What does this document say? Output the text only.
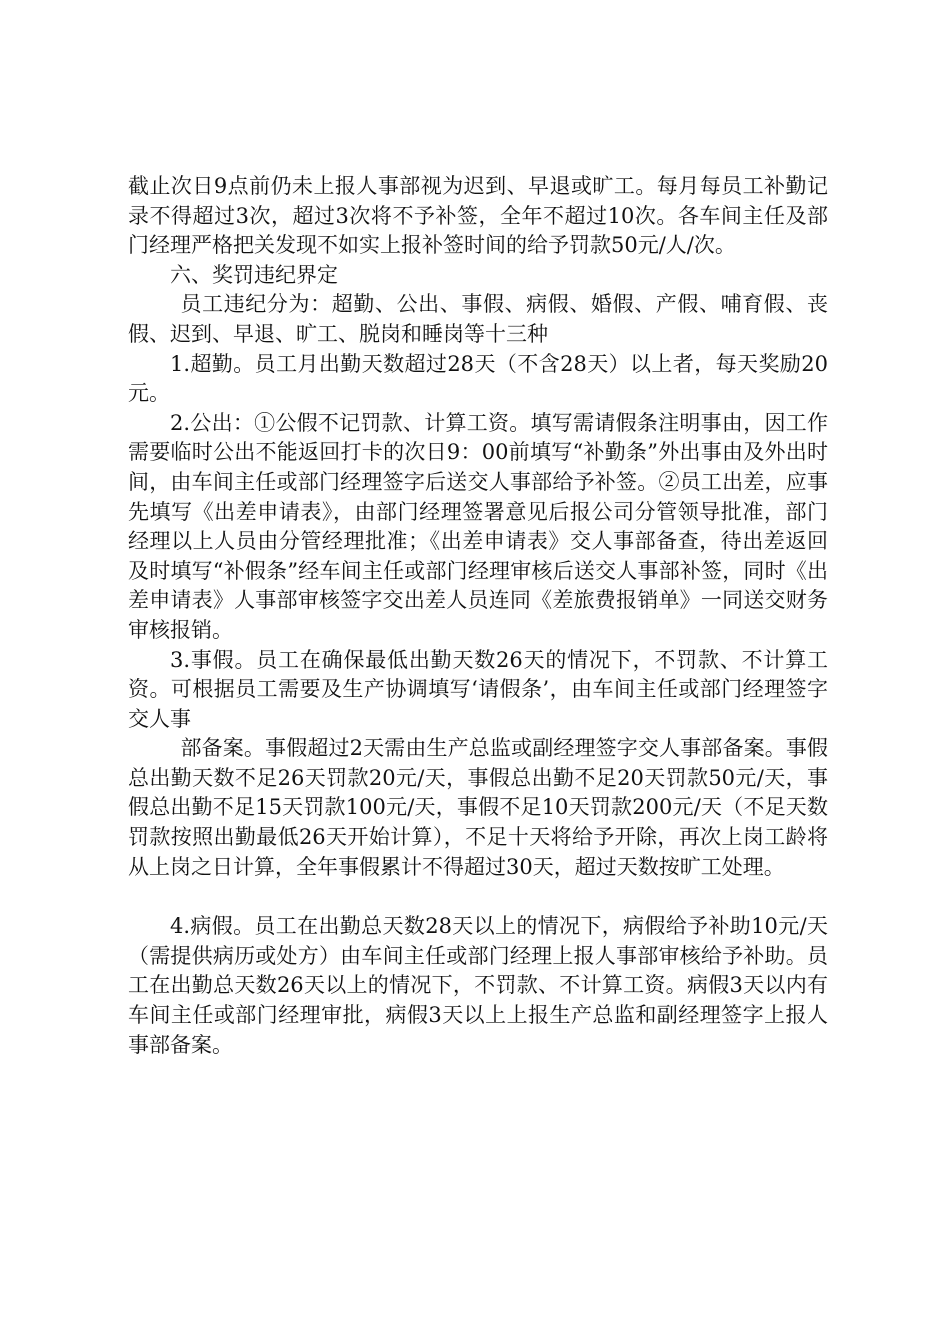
截止次日9点前仍未上报人事部视为迟到、早退或旷工。每月每员工补勤记录不得超过3次，超过3次将不予补签，全年不超过10次。各车间主任及部门经理严格把关发现不如实上报补签时间的给予罚款50元/人/次。

六、奖罚违纪界定

员工违纪分为：超勤、公出、事假、病假、婚假、产假、哺育假、丧假、迟到、早退、旷工、脱岗和睡岗等十三种

1.超勤。员工月出勤天数超过28天（不含28天）以上者，每天奖励20元。

2.公出：①公假不记罚款、计算工资。填写需请假条注明事由，因工作需要临时公出不能返回打卡的次日9：00前填写“补勤条”外出事由及外出时间，由车间主任或部门经理签字后送交人事部给予补签。②员工出差，应事先填写《出差申请表》，由部门经理签署意见后报公司分管领导批准，部门经理以上人员由分管经理批准；《出差申请表》交人事部备查，待出差返回及时填写“补假条”经车间主任或部门经理审核后送交人事部补签，同时《出差申请表》人事部审核签字交出差人员连同《差旅费报销单》一同送交财务审核报销。

3.事假。员工在确保最低出勤天数26天的情况下，不罚款、不计算工资。可根据员工需要及生产协调填写‘请假条’，由车间主任或部门经理签字交人事

部备案。事假超过2天需由生产总监或副经理签字交人事部备案。事假总出勤天数不足26天罚款20元/天，事假总出勤不足20天罚款50元/天，事假总出勤不足15天罚款100元/天，事假不足10天罚款200元/天（不足天数罚款按照出勤最低26天开始计算），不足十天将给予开除，再次上岗工龄将从上岗之日计算，全年事假累计不得超过30天，超过天数按旷工处理。

4.病假。员工在出勤总天数28天以上的情况下，病假给予补助10元/天（需提供病历或处方）由车间主任或部门经理上报人事部审核给予补助。员工在出勤总天数26天以上的情况下，不罚款、不计算工资。病假3天以内有车间主任或部门经理审批，病假3天以上上报生产总监和副经理签字上报人事部备案。
